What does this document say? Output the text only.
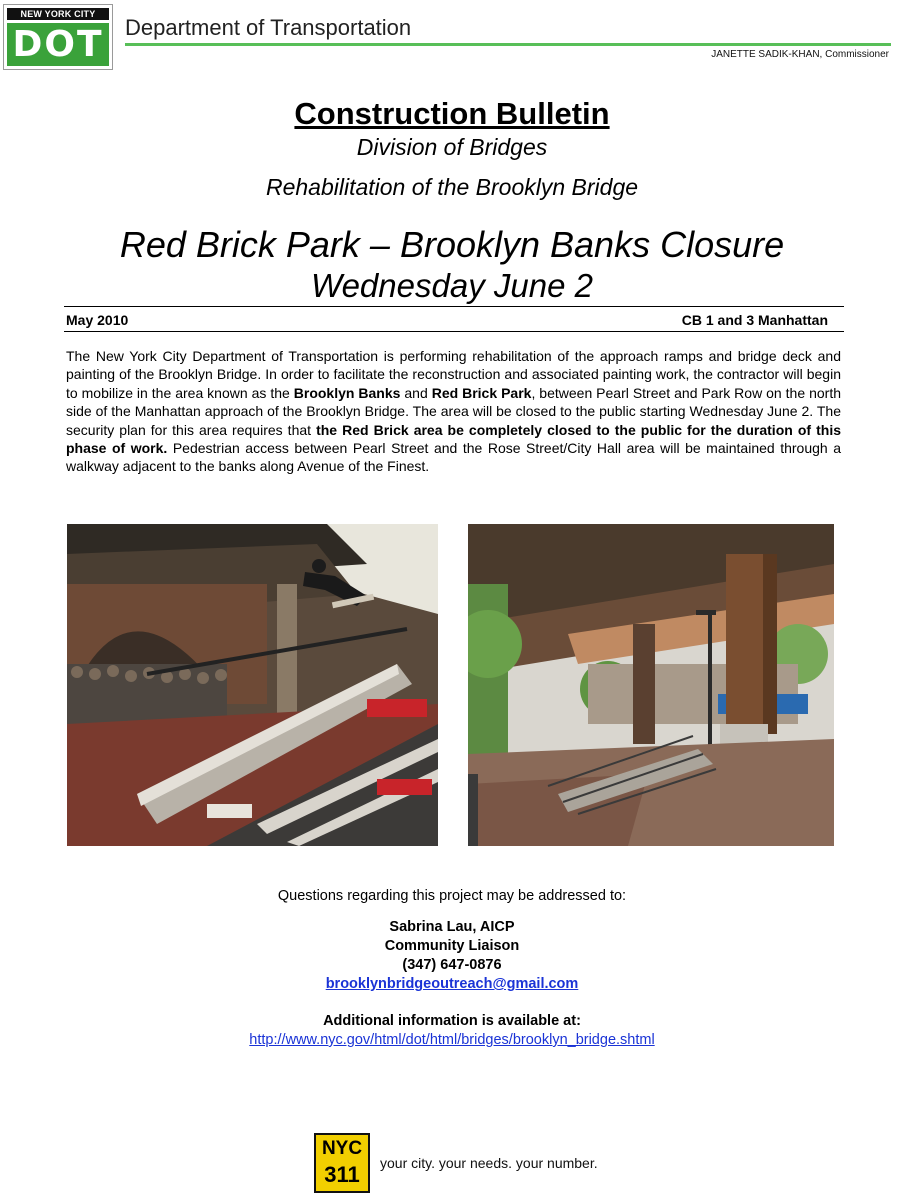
NEW YORK CITY
DOT Department of Transportation
JANETTE SADIK-KHAN, Commissioner
Construction Bulletin
Division of Bridges
Rehabilitation of the Brooklyn Bridge
Red Brick Park – Brooklyn Banks Closure
Wednesday June 2
May 2010	CB 1 and 3 Manhattan
The New York City Department of Transportation is performing rehabilitation of the approach ramps and bridge deck and painting of the Brooklyn Bridge. In order to facilitate the reconstruction and associated painting work, the contractor will begin to mobilize in the area known as the Brooklyn Banks and Red Brick Park, between Pearl Street and Park Row on the north side of the Manhattan approach of the Brooklyn Bridge. The area will be closed to the public starting Wednesday June 2. The security plan for this area requires that the Red Brick area be completely closed to the public for the duration of this phase of work. Pedestrian access between Pearl Street and the Rose Street/City Hall area will be maintained through a walkway adjacent to the banks along Avenue of the Finest.
Questions regarding this project may be addressed to:
Sabrina Lau, AICP
Community Liaison
(347) 647-0876
brooklynbridgeoutreach@gmail.com
Additional information is available at:
http://www.nyc.gov/html/dot/html/bridges/brooklyn_bridge.shtml
NYC
311	your city. your needs. your number.
